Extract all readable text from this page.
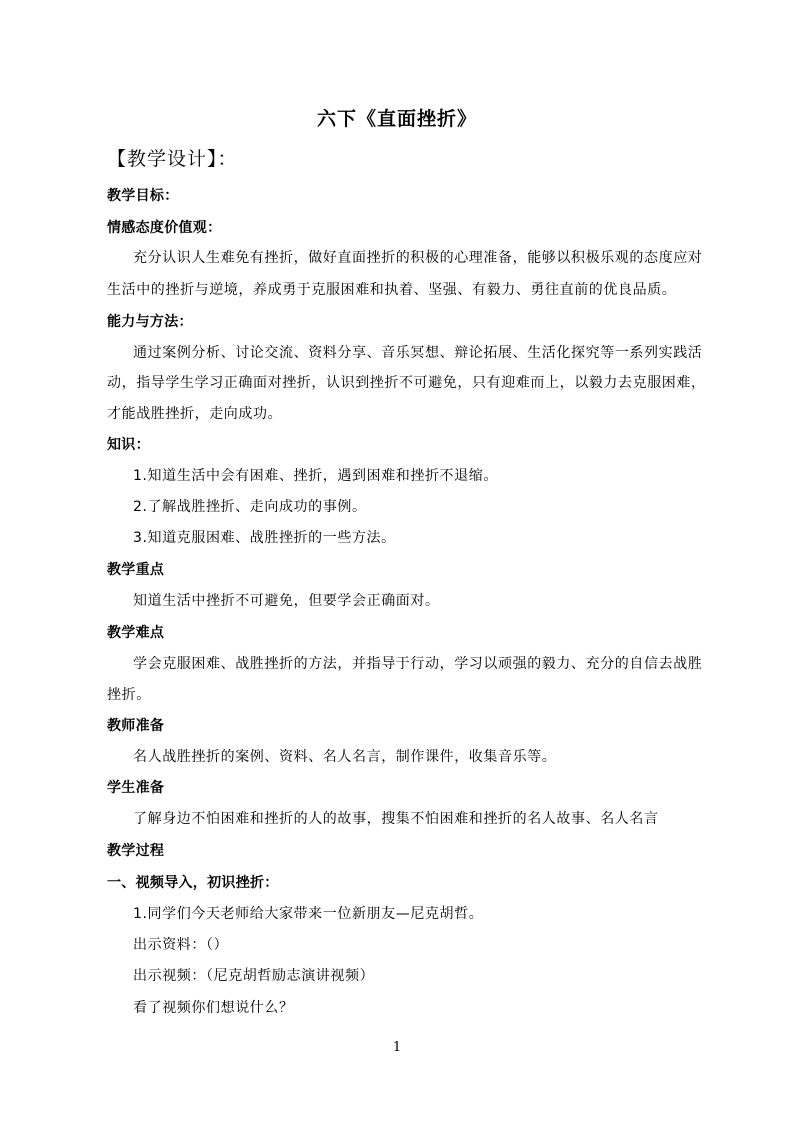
六下《直面挫折》
【教学设计】：
教学目标：
情感态度价值观：
充分认识人生难免有挫折，做好直面挫折的积极的心理准备，能够以积极乐观的态度应对
生活中的挫折与逆境，养成勇于克服困难和执着、坚强、有毅力、勇往直前的优良品质。
能力与方法：
通过案例分析、讨论交流、资料分享、音乐冥想、辩论拓展、生活化探究等一系列实践活
动，指导学生学习正确面对挫折，认识到挫折不可避免，只有迎难而上，以毅力去克服困难，
才能战胜挫折，走向成功。
知识：
1.知道生活中会有困难、挫折，遇到困难和挫折不退缩。
2.了解战胜挫折、走向成功的事例。
3.知道克服困难、战胜挫折的一些方法。
教学重点
知道生活中挫折不可避免，但要学会正确面对。
教学难点
学会克服困难、战胜挫折的方法，并指导于行动，学习以顽强的毅力、充分的自信去战胜
挫折。
教师准备
名人战胜挫折的案例、资料、名人名言，制作课件，收集音乐等。
学生准备
了解身边不怕困难和挫折的人的故事，搜集不怕困难和挫折的名人故事、名人名言
教学过程
一、视频导入，初识挫折：
1.同学们今天老师给大家带来一位新朋友—尼克胡哲。
出示资料：（）
出示视频：（尼克胡哲励志演讲视频）
看了视频你们想说什么？
1
